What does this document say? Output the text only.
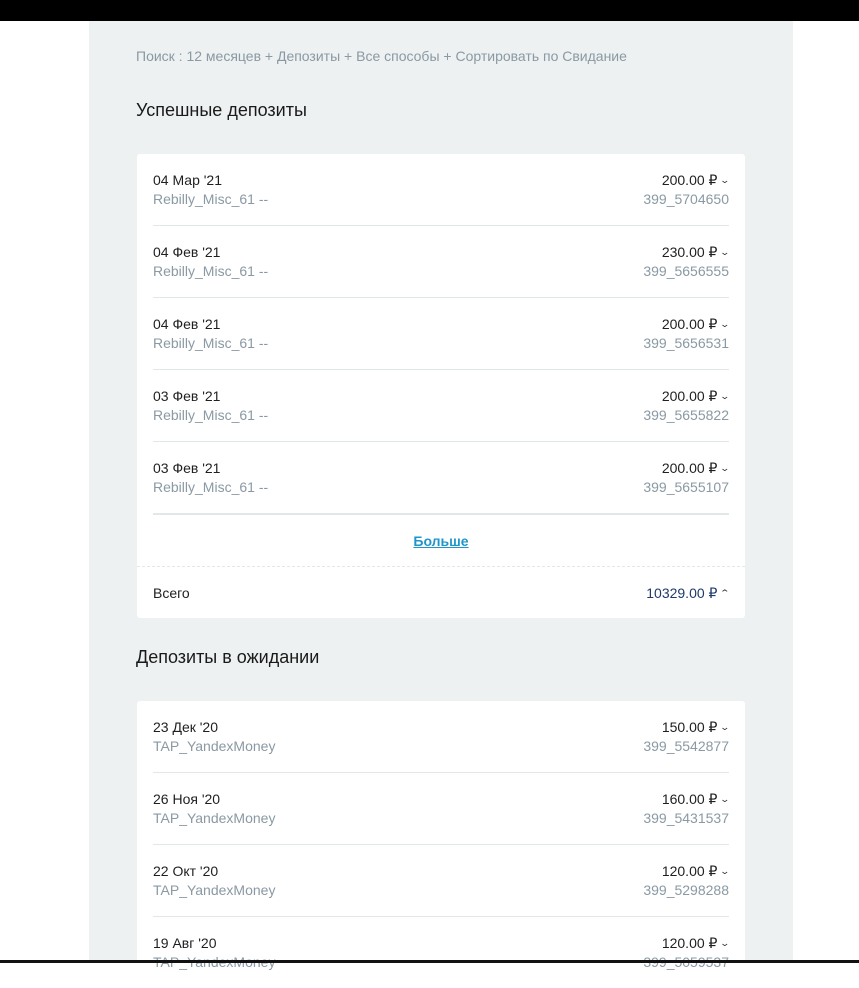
Поиск : 12 месяцев + Депозиты + Все способы + Сортировать по Свидание
Успешные депозиты
04 Мар '21
Rebilly_Misc_61 --
200.00 ₽ ⌄
399_5704650
04 Фев '21
Rebilly_Misc_61 --
230.00 ₽ ⌄
399_5656555
04 Фев '21
Rebilly_Misc_61 --
200.00 ₽ ⌄
399_5656531
03 Фев '21
Rebilly_Misc_61 --
200.00 ₽ ⌄
399_5655822
03 Фев '21
Rebilly_Misc_61 --
200.00 ₽ ⌄
399_5655107
Больше
Всего	10329.00 ₽ ⌃
Депозиты в ожидании
23 Дек '20
TAP_YandexMoney
150.00 ₽ ⌄
399_5542877
26 Ноя '20
TAP_YandexMoney
160.00 ₽ ⌄
399_5431537
22 Окт '20
TAP_YandexMoney
120.00 ₽ ⌄
399_5298288
19 Авг '20	120.00 ₽ ⌄
